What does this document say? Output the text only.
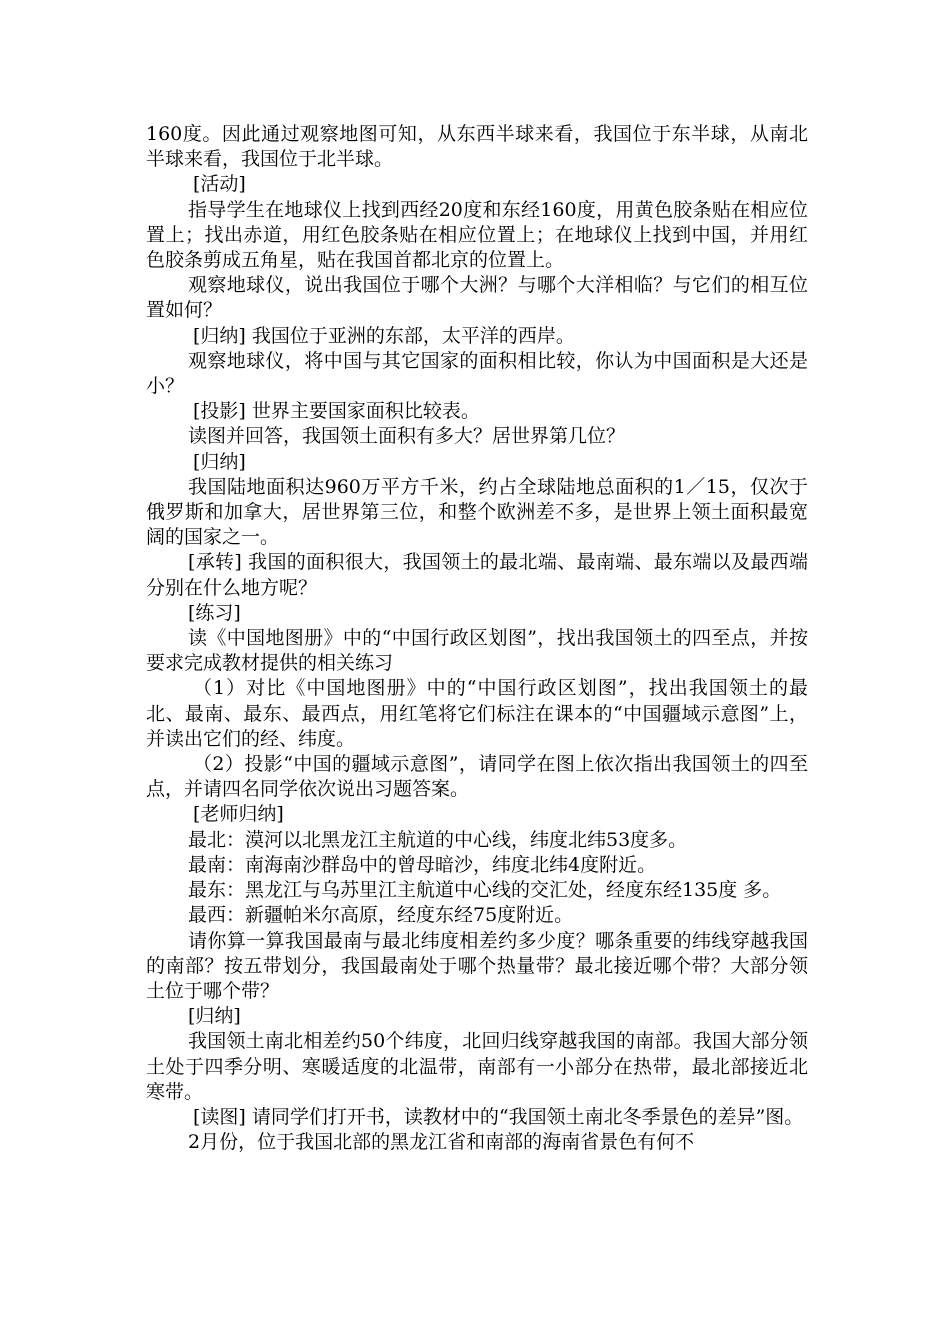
160度。因此通过观察地图可知，从东西半球来看，我国位于东半球，从南北半球来看，我国位于北半球。

[活动]

指导学生在地球仪上找到西经20度和东经160度，用黄色胶条贴在相应位置上；找出赤道，用红色胶条贴在相应位置上；在地球仪上找到中国，并用红色胶条剪成五角星，贴在我国首都北京的位置上。

观察地球仪，说出我国位于哪个大洲？与哪个大洋相临？与它们的相互位置如何？

[归纳] 我国位于亚洲的东部，太平洋的西岸。

观察地球仪，将中国与其它国家的面积相比较，你认为中国面积是大还是小？

[投影] 世界主要国家面积比较表。

读图并回答，我国领土面积有多大？居世界第几位？

[归纳]

我国陆地面积达960万平方千米，约占全球陆地总面积的1／15，仅次于俄罗斯和加拿大，居世界第三位，和整个欧洲差不多，是世界上领土面积最宽阔的国家之一。

[承转] 我国的面积很大，我国领土的最北端、最南端、最东端以及最西端分别在什么地方呢？

[练习]

读《中国地图册》中的“中国行政区划图”，找出我国领土的四至点，并按要求完成教材提供的相关练习

（1）对比《中国地图册》中的“中国行政区划图”，找出我国领土的最北、最南、最东、最西点，用红笔将它们标注在课本的“中国疆域示意图”上，并读出它们的经、纬度。

（2）投影“中国的疆域示意图”，请同学在图上依次指出我国领土的四至点，并请四名同学依次说出习题答案。

[老师归纳]

最北：漠河以北黑龙江主航道的中心线，纬度北纬53度多。

最南：南海南沙群岛中的曾母暗沙，纬度北纬4度附近。

最东：黑龙江与乌苏里江主航道中心线的交汇处，经度东经135度 多。

最西：新疆帕米尔高原，经度东经75度附近。

请你算一算我国最南与最北纬度相差约多少度？哪条重要的纬线穿越我国的南部？按五带划分，我国最南处于哪个热量带？最北接近哪个带？大部分领土位于哪个带？

[归纳]

我国领土南北相差约50个纬度，北回归线穿越我国的南部。我国大部分领土处于四季分明、寒暖适度的北温带，南部有一小部分在热带，最北部接近北寒带。

[读图] 请同学们打开书，读教材中的“我国领土南北冬季景色的差异”图。

2月份，位于我国北部的黑龙江省和南部的海南省景色有何不
